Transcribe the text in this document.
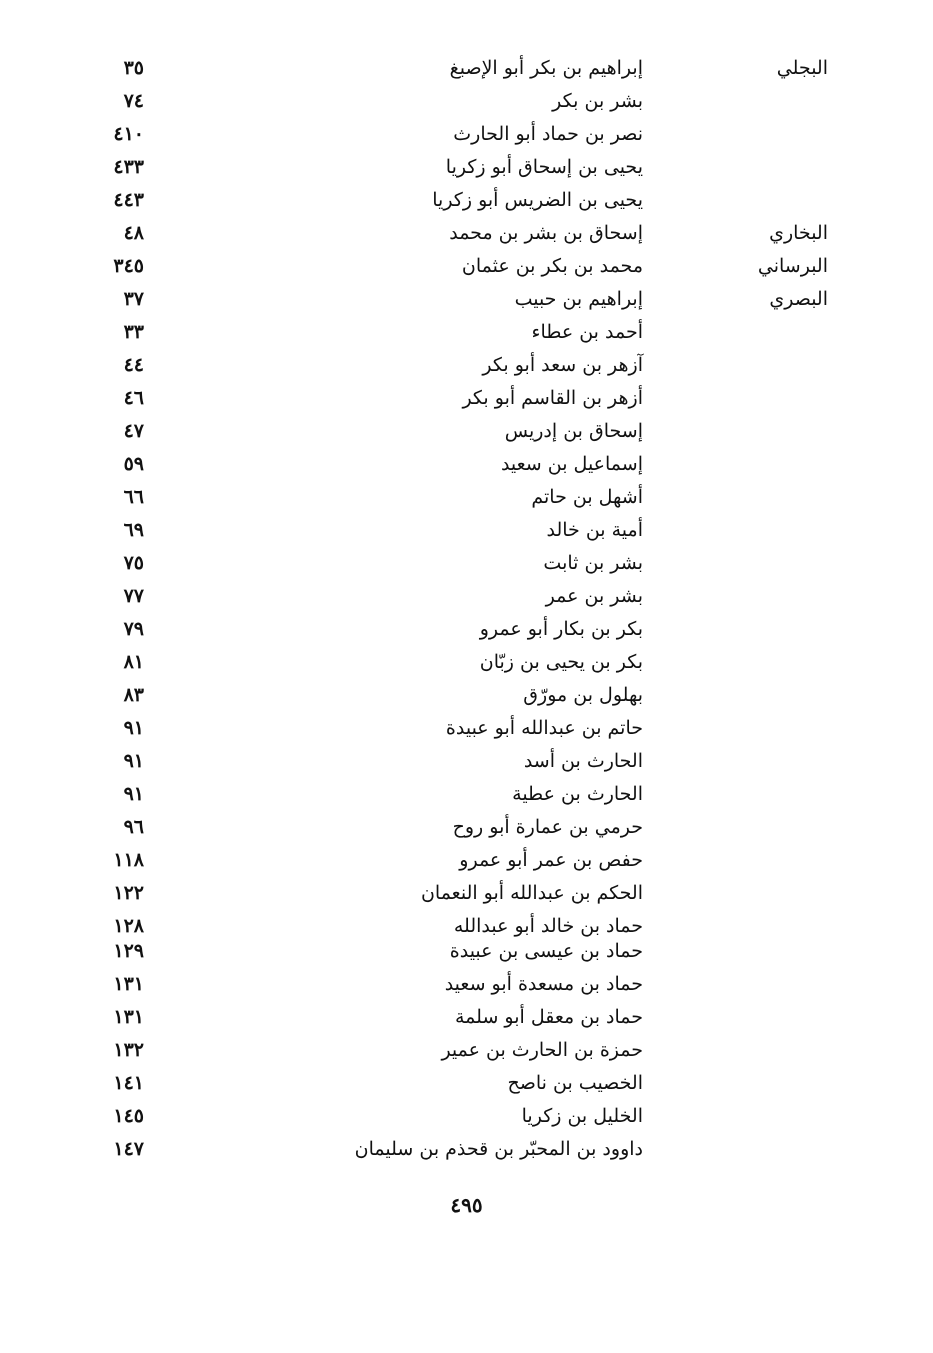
البجلي
إبراهيم بن بكر أبو الإصبغ
٣٥
بشر بن بكر
٧٤
نصر بن حماد أبو الحارث
٤١٠
يحيى بن إسحاق أبو زكريا
٤٣٣
يحيى بن الضريس أبو زكريا
٤٤٣
البخاري
إسحاق بن بشر بن محمد
٤٨
البرساني
محمد بن بكر بن عثمان
٣٤٥
البصري
إبراهيم بن حبيب
٣٧
أحمد بن عطاء
٣٣
آزهر بن سعد أبو بكر
٤٤
أزهر بن القاسم أبو بكر
٤٦
إسحاق بن إدريس
٤٧
إسماعيل بن سعيد
٥٩
أشهل بن حاتم
٦٦
أمية بن خالد
٦٩
بشر بن ثابت
٧٥
بشر بن عمر
٧٧
بكر بن بكار أبو عمرو
٧٩
بكر بن يحيى بن زبّان
٨١
بهلول بن مورّق
٨٣
حاتم بن عبدالله أبو عبيدة
٩١
الحارث بن أسد
٩١
الحارث بن عطية
٩١
حرمي بن عمارة أبو روح
٩٦
حفص بن عمر أبو عمرو
١١٨
الحكم بن عبدالله أبو النعمان
١٢٢
حماد بن خالد أبو عبدالله
١٢٨
حماد بن عيسى بن عبيدة
١٢٩
حماد بن مسعدة أبو سعيد
١٣١
حماد بن معقل أبو سلمة
١٣١
حمزة بن الحارث بن عمير
١٣٢
الخصيب بن ناصح
١٤١
الخليل بن زكريا
١٤٥
داوود بن المحبّر بن قحذم بن سليمان
١٤٧
٤٩٥
